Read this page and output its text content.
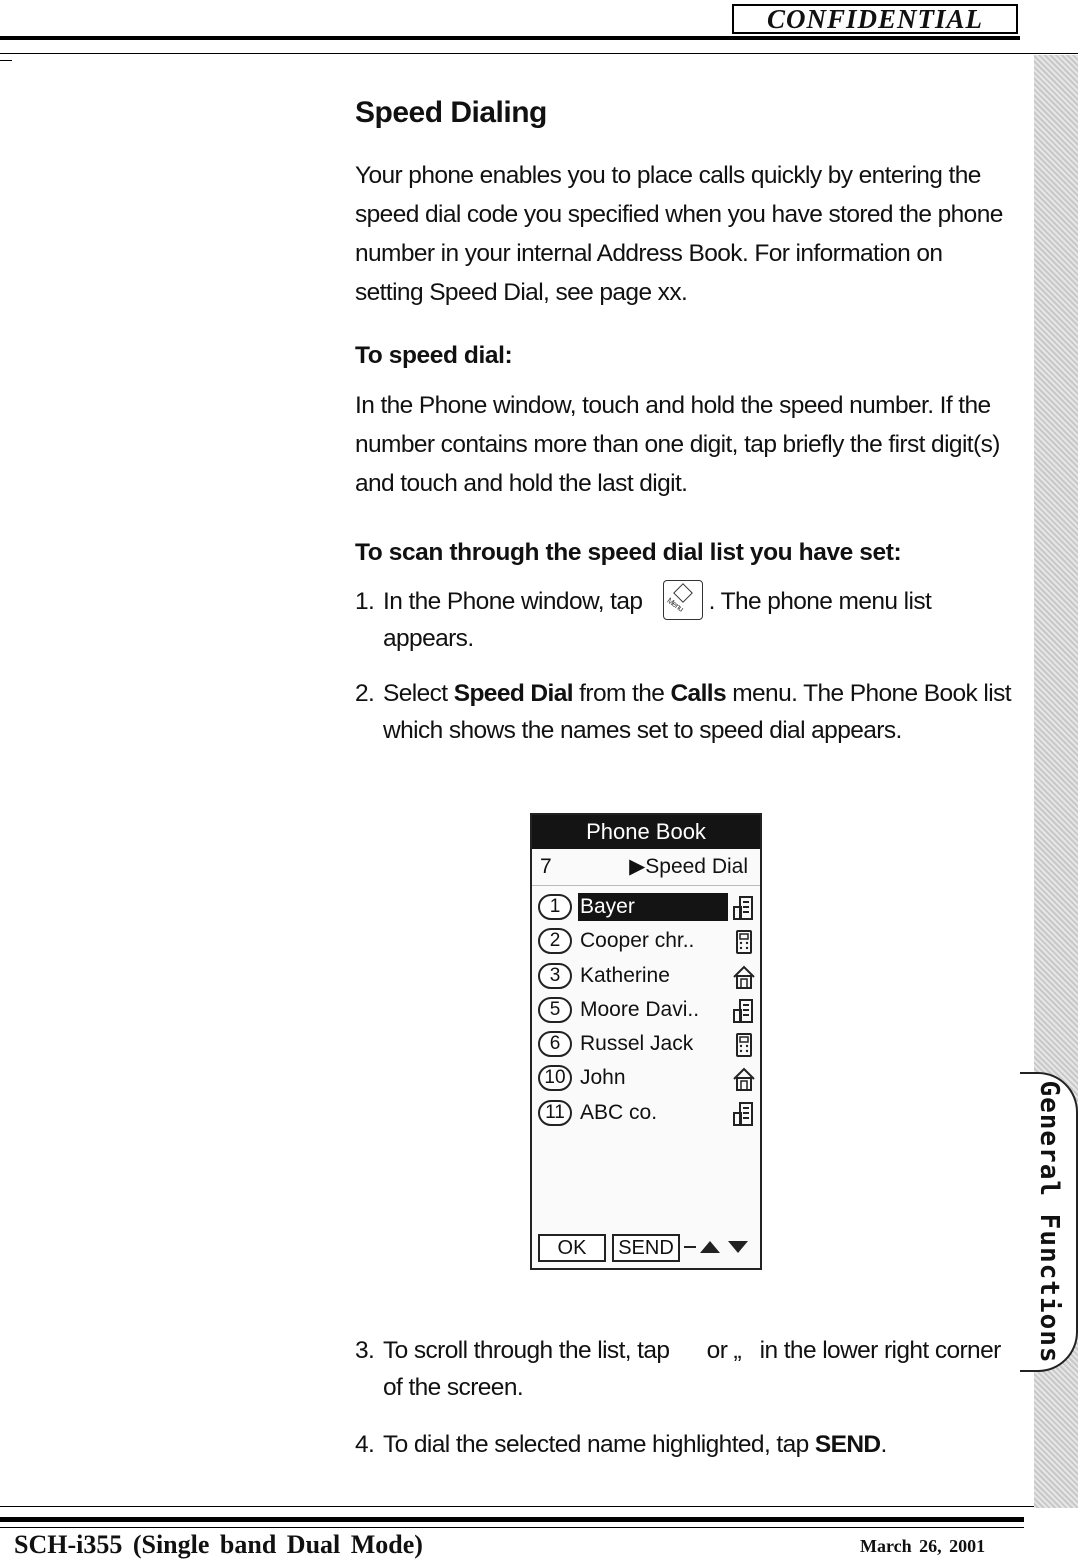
CONFIDENTIAL
General Functions
Speed Dialing

Your phone enables you to place calls quickly by entering the speed dial code you specified when you have stored the phone number in your internal Address Book. For information on setting Speed Dial, see page xx.

To speed dial:

In the Phone window, touch and hold the speed number. If the number contains more than one digit, tap briefly the first digit(s) and touch and hold the last digit.

To scan through the speed dial list you have set:
1. In the Phone window, tap	Menu . The phone menu list appears.
2. Select Speed Dial from the Calls menu. The Phone Book list which shows the names set to speed dial appears.
Phone Book
7	▶Speed Dial
1 Bayer
2 Cooper chr..
3 Katherine
5 Moore Davi..
6 Russel Jack
10 John
11 ABC co.
OK	SEND
3. To scroll through the list, tap      or „   in the lower right corner of the screen.
4. To dial the selected name highlighted, tap SEND.
SCH-i355 (Single band Dual Mode)	March 26, 2001
